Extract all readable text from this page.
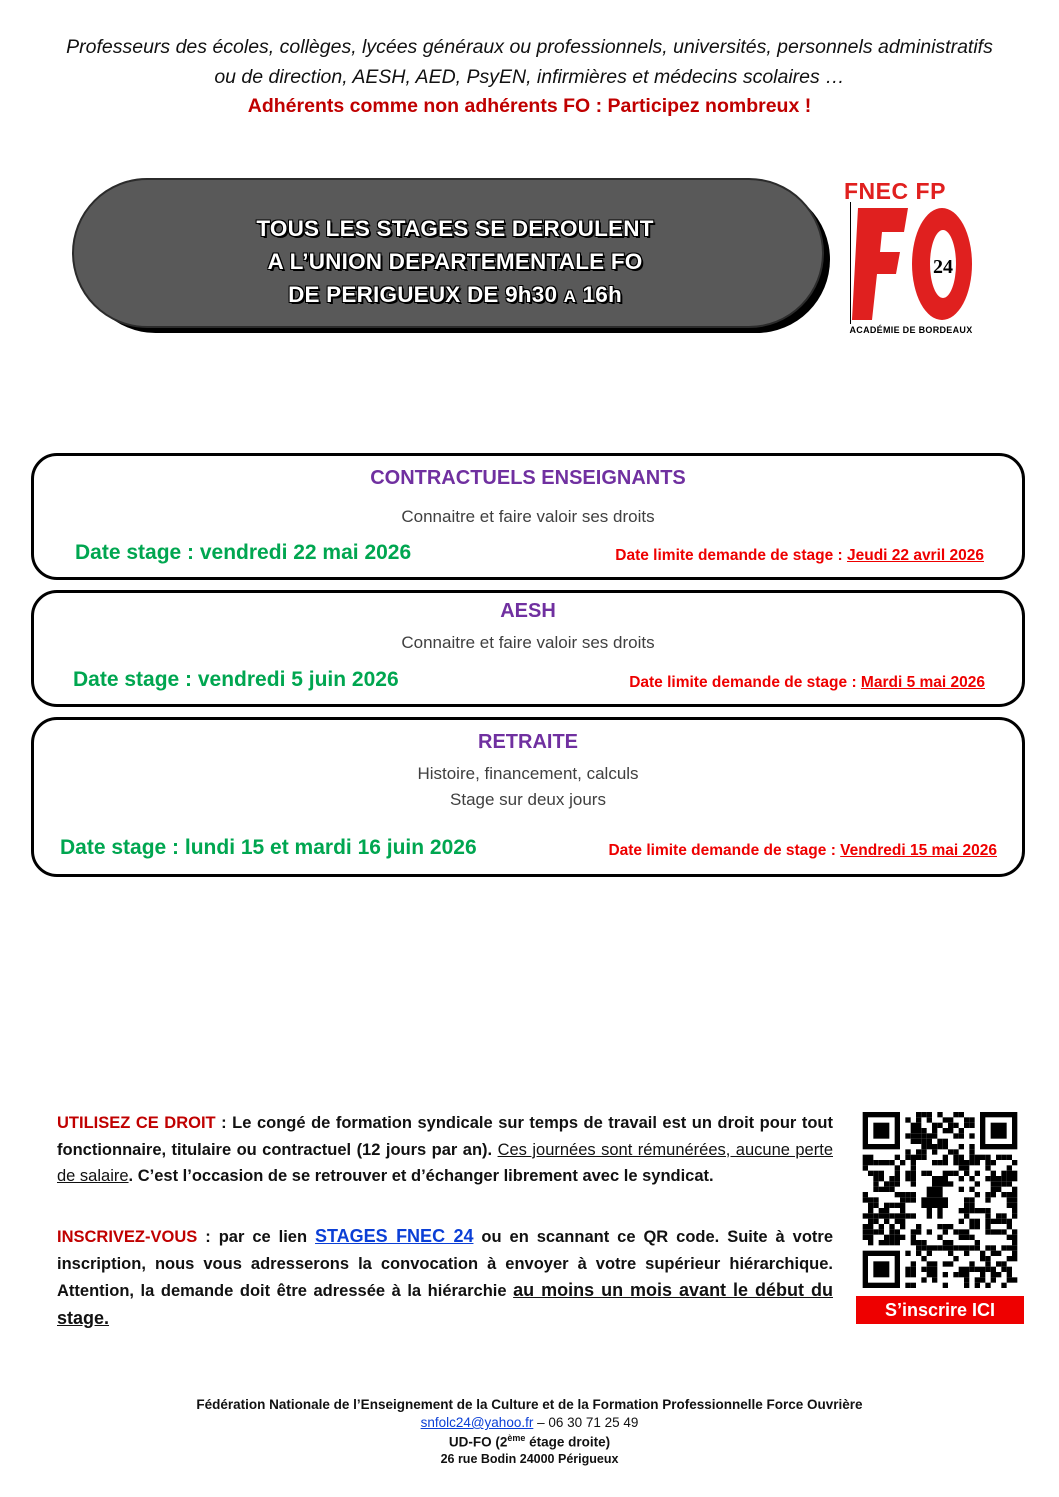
Professeurs des écoles, collèges, lycées généraux ou professionnels, universités, personnels administratifs
ou de direction, AESH, AED, PsyEN, infirmières et médecins scolaires …
Adhérents comme non adhérents FO : Participez nombreux !
TOUS LES STAGES SE DEROULENT
A L’UNION DEPARTEMENTALE FO
DE PERIGUEUX DE 9h30 A 16h
FNEC FP
24
ACADÉMIE DE BORDEAUX
CONTRACTUELS ENSEIGNANTS
Connaitre et faire valoir ses droits
Date stage : vendredi 22 mai 2026	Date limite demande de stage : Jeudi 22 avril 2026
AESH
Connaitre et faire valoir ses droits
Date stage : vendredi 5 juin 2026	Date limite demande de stage : Mardi 5 mai 2026
RETRAITE
Histoire, financement, calculs
Stage sur deux jours
Date stage : lundi 15 et mardi 16 juin 2026	Date limite demande de stage : Vendredi 15 mai 2026
UTILISEZ CE DROIT : Le congé de formation syndicale sur temps de travail est un droit pour tout fonctionnaire, titulaire ou contractuel (12 jours par an). Ces journées sont rémunérées, aucune perte de salaire. C’est l’occasion de se retrouver et d’échanger librement avec le syndicat.
INSCRIVEZ-VOUS : par ce lien STAGES FNEC 24 ou en scannant ce QR code. Suite à votre inscription, nous vous adresserons la convocation à envoyer à votre supérieur hiérarchique. Attention, la demande doit être adressée à la hiérarchie au moins un mois avant le début du stage.	S’inscrire ICI
Fédération Nationale de l’Enseignement de la Culture et de la Formation Professionnelle Force Ouvrière
snfolc24@yahoo.fr – 06 30 71 25 49
UD-FO (2ème étage droite)
26 rue Bodin 24000 Périgueux
